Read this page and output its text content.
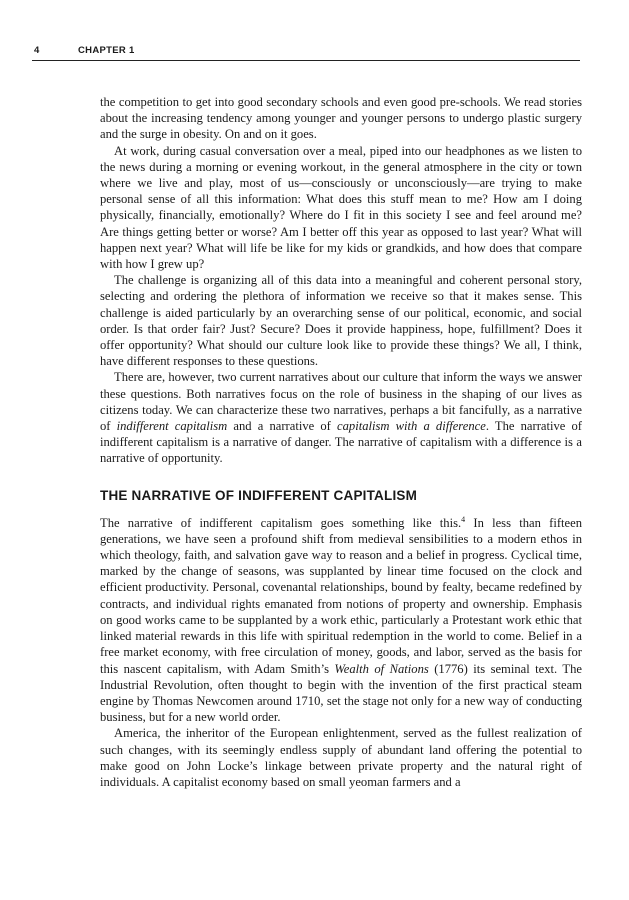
4	CHAPTER 1

the competition to get into good secondary schools and even good pre-schools. We read stories about the increasing tendency among younger and younger persons to undergo plastic surgery and the surge in obesity. On and on it goes.

At work, during casual conversation over a meal, piped into our headphones as we listen to the news during a morning or evening workout, in the general atmosphere in the city or town where we live and play, most of us—consciously or unconsciously—are trying to make personal sense of all this information: What does this stuff mean to me? How am I doing physically, financially, emotionally? Where do I fit in this society I see and feel around me? Are things getting better or worse? Am I better off this year as opposed to last year? What will happen next year? What will life be like for my kids or grandkids, and how does that compare with how I grew up?

The challenge is organizing all of this data into a meaningful and coherent personal story, selecting and ordering the plethora of information we receive so that it makes sense. This challenge is aided particularly by an overarching sense of our political, economic, and social order. Is that order fair? Just? Secure? Does it provide happiness, hope, fulfillment? Does it offer opportunity? What should our culture look like to provide these things? We all, I think, have different responses to these questions.

There are, however, two current narratives about our culture that inform the ways we answer these questions. Both narratives focus on the role of business in the shaping of our lives as citizens today. We can characterize these two narratives, perhaps a bit fancifully, as a narrative of indifferent capitalism and a narrative of capitalism with a difference. The narrative of indifferent capitalism is a narrative of danger. The narrative of capitalism with a difference is a narrative of opportunity.

THE NARRATIVE OF INDIFFERENT CAPITALISM

The narrative of indifferent capitalism goes something like this.$^4$ In less than fifteen generations, we have seen a profound shift from medieval sensibilities to a modern ethos in which theology, faith, and salvation gave way to reason and a belief in progress. Cyclical time, marked by the change of seasons, was supplanted by linear time focused on the clock and efficient productivity. Personal, covenantal relationships, bound by fealty, became redefined by contracts, and individual rights emanated from notions of property and ownership. Emphasis on good works came to be supplanted by a work ethic, particularly a Protestant work ethic that linked material rewards in this life with spiritual redemption in the world to come. Belief in a free market economy, with free circulation of money, goods, and labor, served as the basis for this nascent capitalism, with Adam Smith’s Wealth of Nations (1776) its seminal text. The Industrial Revolution, often thought to begin with the invention of the first practical steam engine by Thomas Newcomen around 1710, set the stage not only for a new way of conducting business, but for a new world order.

America, the inheritor of the European enlightenment, served as the fullest realization of such changes, with its seemingly endless supply of abundant land offering the potential to make good on John Locke’s linkage between private property and the natural right of individuals. A capitalist economy based on small yeoman farmers and a
